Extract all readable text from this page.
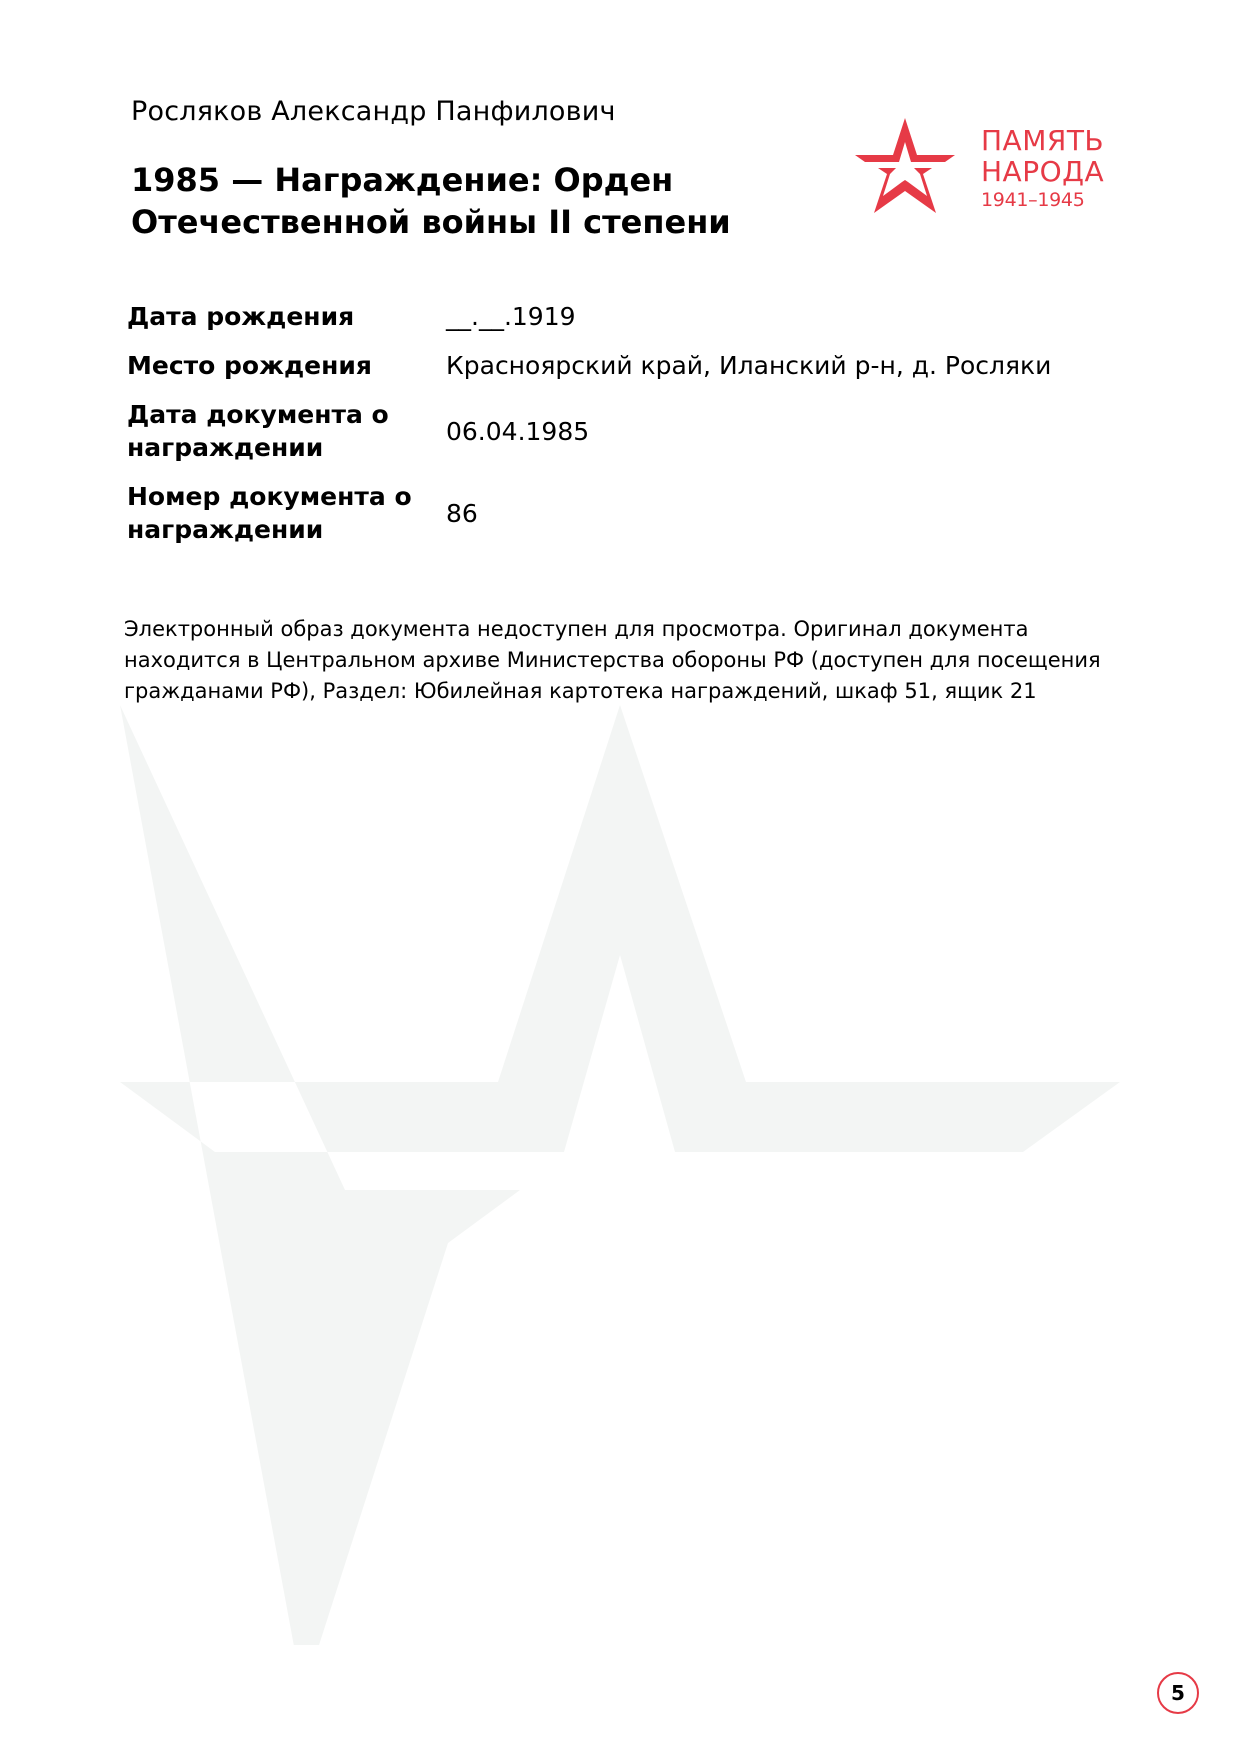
Росляков Александр Панфилович
1985 — Награждение: Орден Отечественной войны II степени
ПАМЯТЬ
НАРОДА
1941–1945
Дата рождения	__.__.1919
Место рождения	Красноярский край, Иланский р-н, д. Росляки
Дата документа о награждении
06.04.1985
Номер документа о награждении
86
Электронный образ документа недоступен для просмотра. Оригинал документа находится в Центральном архиве Министерства обороны РФ (доступен для посещения гражданами РФ), Раздел: Юбилейная картотека награждений, шкаф 51, ящик 21
5
